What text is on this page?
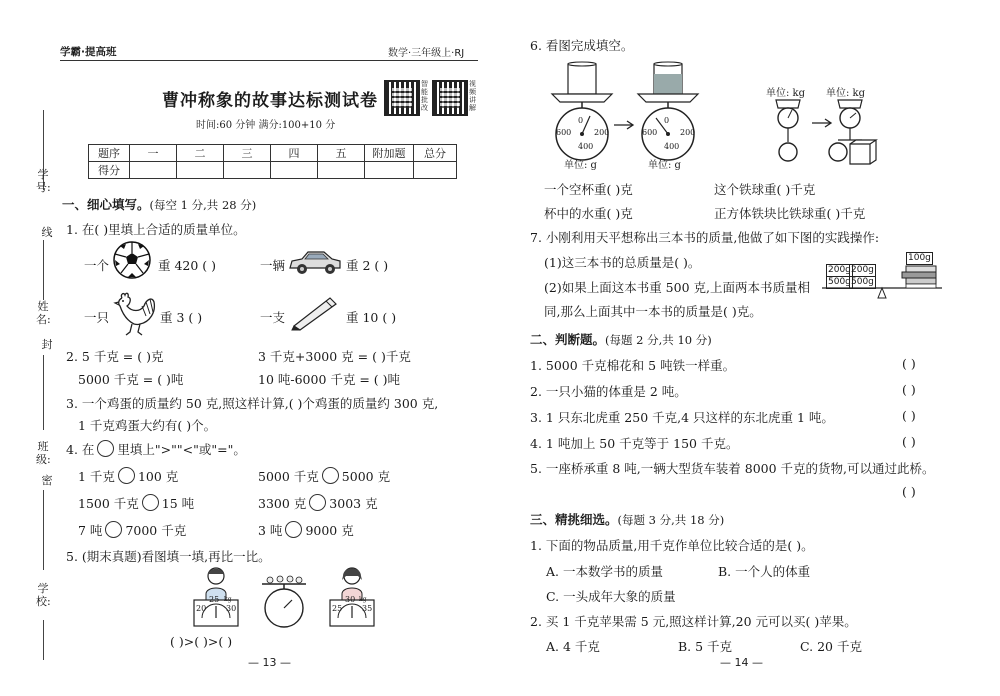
学号:
线
姓名:
封
班级:
密
学校:
学霸·提高班	数学·三年级上·RJ
曹冲称象的故事达标测试卷
智能批改
视频讲解
时间:60 分钟 满分:100+10 分
题序	一	二	三	四	五	附加题	总分
得分							
一、细心填写。(每空 1 分,共 28 分)
1. 在( )里填上合适的质量单位。
一个	重 420 ( )	一辆	重 2 ( )
一只	重 3 ( )	一支	重 10 ( )
2. 5 千克 = ( )克	3 千克+3000 克 = ( )千克
5000 千克 = ( )吨	10 吨-6000 千克 = ( )吨
3. 一个鸡蛋的质量约 50 克,照这样计算,( )个鸡蛋的质量约 300 克,
1 千克鸡蛋大约有( )个。
4. 在 里填上">""<"或"="。
1 千克 100 克	5000 千克 5000 克
1500 千克 15 吨	3300 克 3003 克
7 吨 7000 千克	3 吨 9000 克
5. (期末真题)看图填一填,再比一比。
25
20 30
kg	30
25 35
kg
( )>( )>( )
— 13 —
6. 看图完成填空。
0
200
400
600
单位: g
0
200
400
600
单位: g
单位: kg 单位: kg
一个空杯重( )克	这个铁球重( )千克
杯中的水重( )克	正方体铁块比铁球重( )千克
7. 小刚利用天平想称出三本书的质量,他做了如下图的实践操作:
(1)这三本书的总质量是( )。
(2)如果上面这本书重 500 克,上面两本书质量相
同,那么上面其中一本书的质量是( )克。
200g 200g
500g 500g
100g
二、判断题。(每题 2 分,共 10 分)
1. 5000 千克棉花和 5 吨铁一样重。	( )
2. 一只小猫的体重是 2 吨。	( )
3. 1 只东北虎重 250 千克,4 只这样的东北虎重 1 吨。	( )
4. 1 吨加上 50 千克等于 150 千克。	( )
5. 一座桥承重 8 吨,一辆大型货车装着 8000 千克的货物,可以通过此桥。
( )
三、精挑细选。(每题 3 分,共 18 分)
1. 下面的物品质量,用千克作单位比较合适的是( )。
A. 一本数学书的质量	B. 一个人的体重
C. 一头成年大象的质量
2. 买 1 千克苹果需 5 元,照这样计算,20 元可以买( )苹果。
A. 4 千克	B. 5 千克	C. 20 千克
— 14 —
